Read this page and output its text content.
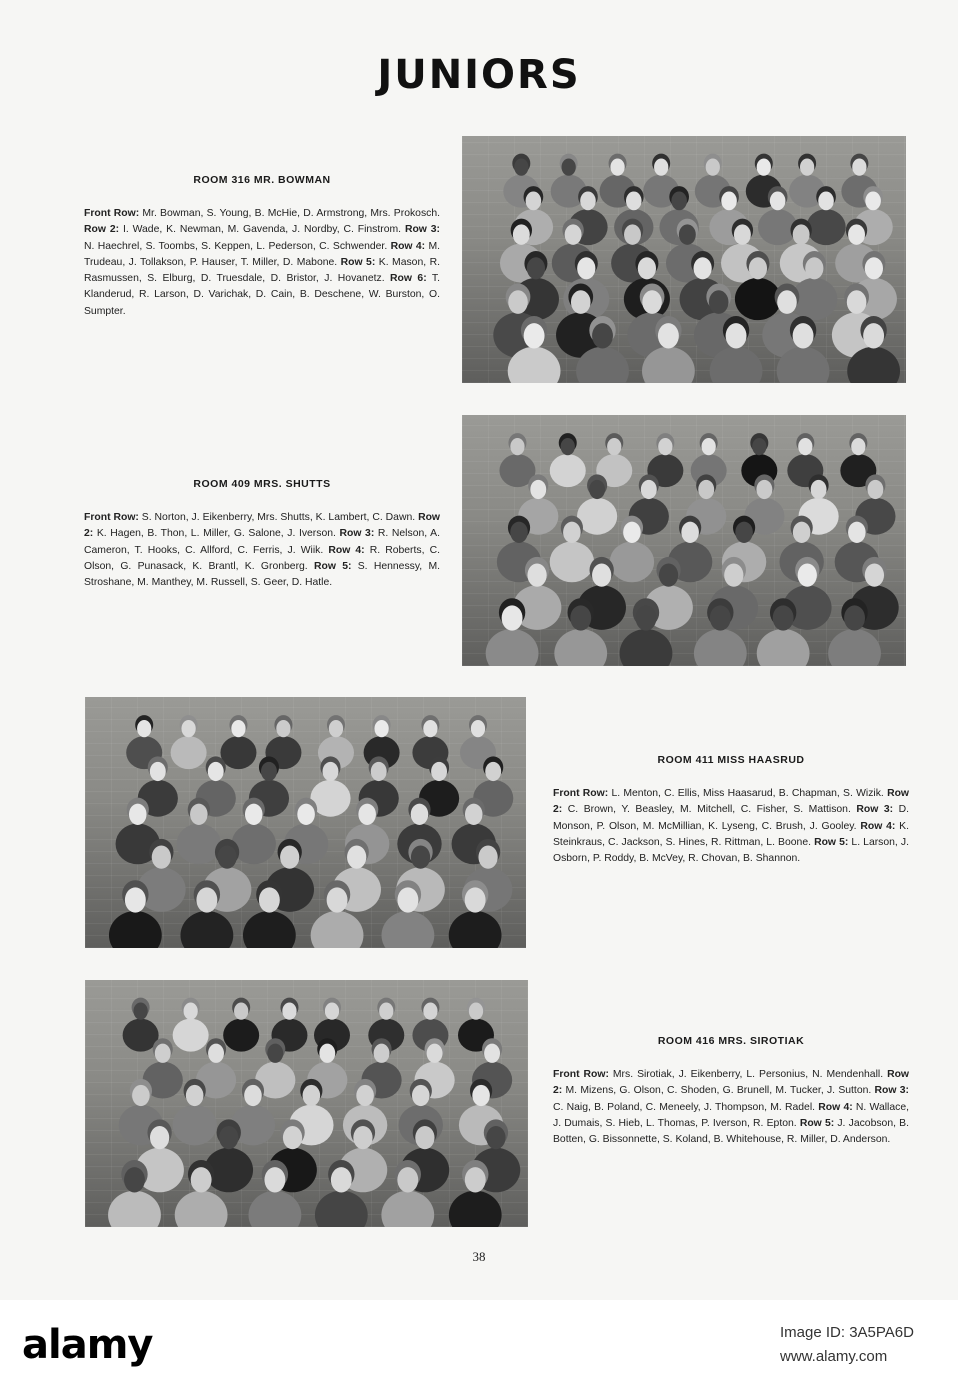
JUNIORS
ROOM 316 MR. BOWMAN
Front Row: Mr. Bowman, S. Young, B. McHie, D. Armstrong, Mrs. Prokosch. Row 2: I. Wade, K. Newman, M. Gavenda, J. Nordby, C. Finstrom. Row 3: N. Haechrel, S. Toombs, S. Keppen, L. Pederson, C. Schwender. Row 4: M. Trudeau, J. Tollakson, P. Hauser, T. Miller, D. Mabone. Row 5: K. Mason, R. Rasmussen, S. Elburg, D. Truesdale, D. Bristor, J. Hovanetz. Row 6: T. Klanderud, R. Larson, D. Varichak, D. Cain, B. Deschene, W. Burston, O. Sumpter.
ROOM 409 MRS. SHUTTS
Front Row: S. Norton, J. Eikenberry, Mrs. Shutts, K. Lambert, C. Dawn. Row 2: K. Hagen, B. Thon, L. Miller, G. Salone, J. Iverson. Row 3: R. Nelson, A. Cameron, T. Hooks, C. Allford, C. Ferris, J. Wiik. Row 4: R. Roberts, C. Olson, G. Punasack, K. Brantl, K. Gronberg. Row 5: S. Hennessy, M. Stroshane, M. Manthey, M. Russell, S. Geer, D. Hatle.
ROOM 411 MISS HAASRUD
Front Row: L. Menton, C. Ellis, Miss Haasarud, B. Chapman, S. Wizik. Row 2: C. Brown, Y. Beasley, M. Mitchell, C. Fisher, S. Mattison. Row 3: D. Monson, P. Olson, M. McMillian, K. Lyseng, C. Brush, J. Gooley. Row 4: K. Steinkraus, C. Jackson, S. Hines, R. Rittman, L. Boone. Row 5: L. Larson, J. Osborn, P. Roddy, B. McVey, R. Chovan, B. Shannon.
ROOM 416 MRS. SIROTIAK
Front Row: Mrs. Sirotiak, J. Eikenberry, L. Personius, N. Mendenhall. Row 2: M. Mizens, G. Olson, C. Shoden, G. Brunell, M. Tucker, J. Sutton. Row 3: C. Naig, B. Poland, C. Meneely, J. Thompson, M. Radel. Row 4: N. Wallace, J. Dumais, S. Hieb, L. Thomas, P. Iverson, R. Epton. Row 5: J. Jacobson, B. Botten, G. Bissonnette, S. Koland, B. Whitehouse, R. Miller, D. Anderson.
38
alamy	Image ID: 3A5PA6D
www.alamy.com
